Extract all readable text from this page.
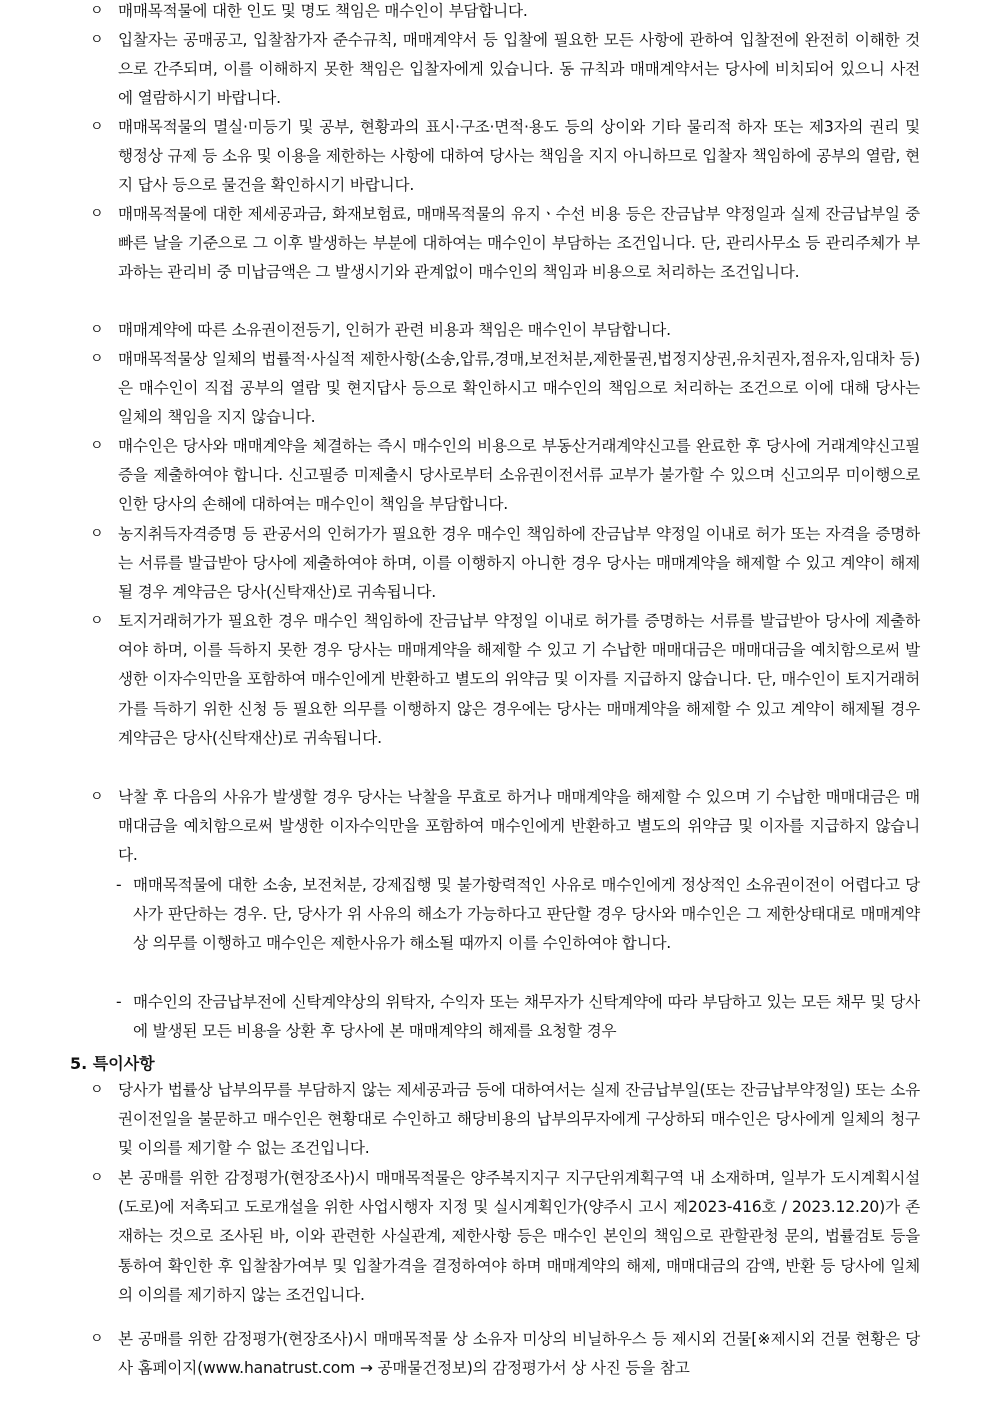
ㅇ 매매목적물에 대한 인도 및 명도 책임은 매수인이 부담합니다.
ㅇ 입찰자는 공매공고, 입찰참가자 준수규칙, 매매계약서 등 입찰에 필요한 모든 사항에 관하여 입찰전에 완전히 이해한 것으로 간주되며, 이를 이해하지 못한 책임은 입찰자에게 있습니다. 동 규칙과 매매계약서는 당사에 비치되어 있으니 사전에 열람하시기 바랍니다.
ㅇ 매매목적물의 멸실·미등기 및 공부, 현황과의 표시·구조·면적·용도 등의 상이와 기타 물리적 하자 또는 제3자의 권리 및 행정상 규제 등 소유 및 이용을 제한하는 사항에 대하여 당사는 책임을 지지 아니하므로 입찰자 책임하에 공부의 열람, 현지 답사 등으로 물건을 확인하시기 바랍니다.
ㅇ 매매목적물에 대한 제세공과금, 화재보험료, 매매목적물의 유지ㆍ수선 비용 등은 잔금납부 약정일과 실제 잔금납부일 중 빠른 날을 기준으로 그 이후 발생하는 부분에 대하여는 매수인이 부담하는 조건입니다. 단, 관리사무소 등 관리주체가 부과하는 관리비 중 미납금액은 그 발생시기와 관계없이 매수인의 책임과 비용으로 처리하는 조건입니다.
ㅇ 매매계약에 따른 소유권이전등기, 인허가 관련 비용과 책임은 매수인이 부담합니다.
ㅇ 매매목적물상 일체의 법률적·사실적 제한사항(소송,압류,경매,보전처분,제한물권,법정지상권,유치권자,점유자,임대차 등)은 매수인이 직접 공부의 열람 및 현지답사 등으로 확인하시고 매수인의 책임으로 처리하는 조건으로 이에 대해 당사는 일체의 책임을 지지 않습니다.
ㅇ 매수인은 당사와 매매계약을 체결하는 즉시 매수인의 비용으로 부동산거래계약신고를 완료한 후 당사에 거래계약신고필증을 제출하여야 합니다. 신고필증 미제출시 당사로부터 소유권이전서류 교부가 불가할 수 있으며 신고의무 미이행으로 인한 당사의 손해에 대하여는 매수인이 책임을 부담합니다.
ㅇ 농지취득자격증명 등 관공서의 인허가가 필요한 경우 매수인 책임하에 잔금납부 약정일 이내로 허가 또는 자격을 증명하는 서류를 발급받아 당사에 제출하여야 하며, 이를 이행하지 아니한 경우 당사는 매매계약을 해제할 수 있고 계약이 해제될 경우 계약금은 당사(신탁재산)로 귀속됩니다.
ㅇ 토지거래허가가 필요한 경우 매수인 책임하에 잔금납부 약정일 이내로 허가를 증명하는 서류를 발급받아 당사에 제출하여야 하며, 이를 득하지 못한 경우 당사는 매매계약을 해제할 수 있고 기 수납한 매매대금은 매매대금을 예치함으로써 발생한 이자수익만을 포함하여 매수인에게 반환하고 별도의 위약금 및 이자를 지급하지 않습니다. 단, 매수인이 토지거래허가를 득하기 위한 신청 등 필요한 의무를 이행하지 않은 경우에는 당사는 매매계약을 해제할 수 있고 계약이 해제될 경우 계약금은 당사(신탁재산)로 귀속됩니다.
ㅇ 낙찰 후 다음의 사유가 발생할 경우 당사는 낙찰을 무효로 하거나 매매계약을 해제할 수 있으며 기 수납한 매매대금은 매매대금을 예치함으로써 발생한 이자수익만을 포함하여 매수인에게 반환하고 별도의 위약금 및 이자를 지급하지 않습니다.
- 매매목적물에 대한 소송, 보전처분, 강제집행 및 불가항력적인 사유로 매수인에게 정상적인 소유권이전이 어렵다고 당사가 판단하는 경우. 단, 당사가 위 사유의 해소가 가능하다고 판단할 경우 당사와 매수인은 그 제한상태대로 매매계약상 의무를 이행하고 매수인은 제한사유가 해소될 때까지 이를 수인하여야 합니다.
- 매수인의 잔금납부전에 신탁계약상의 위탁자, 수익자 또는 채무자가 신탁계약에 따라 부담하고 있는 모든 채무 및 당사에 발생된 모든 비용을 상환 후 당사에 본 매매계약의 해제를 요청할 경우
5. 특이사항
ㅇ 당사가 법률상 납부의무를 부담하지 않는 제세공과금 등에 대하여서는 실제 잔금납부일(또는 잔금납부약정일) 또는 소유권이전일을 불문하고 매수인은 현황대로 수인하고 해당비용의 납부의무자에게 구상하되 매수인은 당사에게 일체의 청구 및 이의를 제기할 수 없는 조건입니다.
ㅇ 본 공매를 위한 감정평가(현장조사)시 매매목적물은 양주복지지구 지구단위계획구역 내 소재하며, 일부가 도시계획시설(도로)에 저촉되고 도로개설을 위한 사업시행자 지정 및 실시계획인가(양주시 고시 제2023-416호 / 2023.12.20)가 존재하는 것으로 조사된 바, 이와 관련한 사실관계, 제한사항 등은 매수인 본인의 책임으로 관할관청 문의, 법률검토 등을 통하여 확인한 후 입찰참가여부 및 입찰가격을 결정하여야 하며 매매계약의 해제, 매매대금의 감액, 반환 등 당사에 일체의 이의를 제기하지 않는 조건입니다.
ㅇ 본 공매를 위한 감정평가(현장조사)시 매매목적물 상 소유자 미상의 비닐하우스 등 제시외 건물[※제시외 건물 현황은 당사 홈페이지(www.hanatrust.com → 공매물건정보)의 감정평가서 상 사진 등을 참고
